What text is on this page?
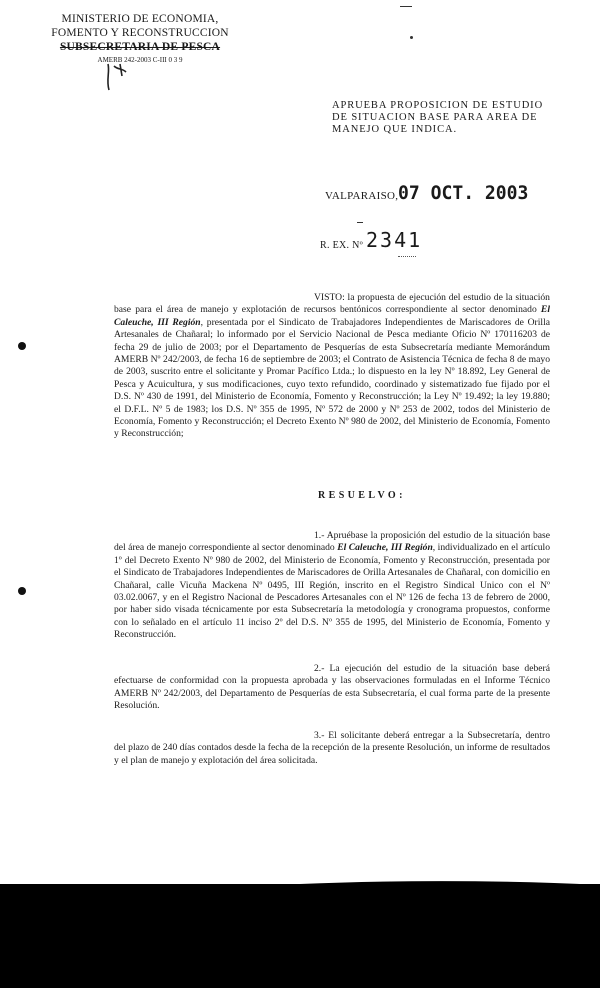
MINISTERIO DE ECONOMIA,
FOMENTO Y RECONSTRUCCION
SUBSECRETARIA DE PESCA
AMERB 242-2003 C-III 0 3 9
APRUEBA PROPOSICION DE ESTUDIO DE SITUACION BASE PARA AREA DE MANEJO QUE INDICA.
VALPARAISO, 07 OCT. 2003
R. EX. Nº 2341
VISTO: la propuesta de ejecución del estudio de la situación base para el área de manejo y explotación de recursos bentónicos correspondiente al sector denominado El Caleuche, III Región, presentada por el Sindicato de Trabajadores Independientes de Mariscadores de Orilla Artesanales de Chañaral; lo informado por el Servicio Nacional de Pesca mediante Oficio Nº 170116203 de fecha 29 de julio de 2003; por el Departamento de Pesquerías de esta Subsecretaría mediante Memorándum AMERB Nº 242/2003, de fecha 16 de septiembre de 2003; el Contrato de Asistencia Técnica de fecha 8 de mayo de 2003, suscrito entre el solicitante y Promar Pacífico Ltda.; lo dispuesto en la ley Nº 18.892, Ley General de Pesca y Acuicultura, y sus modificaciones, cuyo texto refundido, coordinado y sistematizado fue fijado por el D.S. Nº 430 de 1991, del Ministerio de Economía, Fomento y Reconstrucción; la Ley Nº 19.492; la ley 19.880; el D.F.L. Nº 5 de 1983; los D.S. Nº 355 de 1995, Nº 572 de 2000 y Nº 253 de 2002, todos del Ministerio de Economía, Fomento y Reconstrucción; el Decreto Exento Nº 980 de 2002, del Ministerio de Economía, Fomento y Reconstrucción;
RESUELVO:
1.- Apruébase la proposición del estudio de la situación base del área de manejo correspondiente al sector denominado El Caleuche, III Región, individualizado en el artículo 1º del Decreto Exento Nº 980 de 2002, del Ministerio de Economía, Fomento y Reconstrucción, presentada por el Sindicato de Trabajadores Independientes de Mariscadores de Orilla Artesanales de Chañaral, con domicilio en Chañaral, calle Vicuña Mackena Nº 0495, III Región, inscrito en el Registro Sindical Unico con el Nº 03.02.0067, y en el Registro Nacional de Pescadores Artesanales con el Nº 126 de fecha 13 de febrero de 2000, por haber sido visada técnicamente por esta Subsecretaría la metodología y cronograma propuestos, conforme con lo señalado en el artículo 11 inciso 2º del D.S. Nº 355 de 1995, del Ministerio de Economía, Fomento y Reconstrucción.
2.- La ejecución del estudio de la situación base deberá efectuarse de conformidad con la propuesta aprobada y las observaciones formuladas en el Informe Técnico AMERB Nº 242/2003, del Departamento de Pesquerías de esta Subsecretaría, el cual forma parte de la presente Resolución.
3.- El solicitante deberá entregar a la Subsecretaría, dentro del plazo de 240 días contados desde la fecha de la recepción de la presente Resolución, un informe de resultados y el plan de manejo y explotación del área solicitada.
